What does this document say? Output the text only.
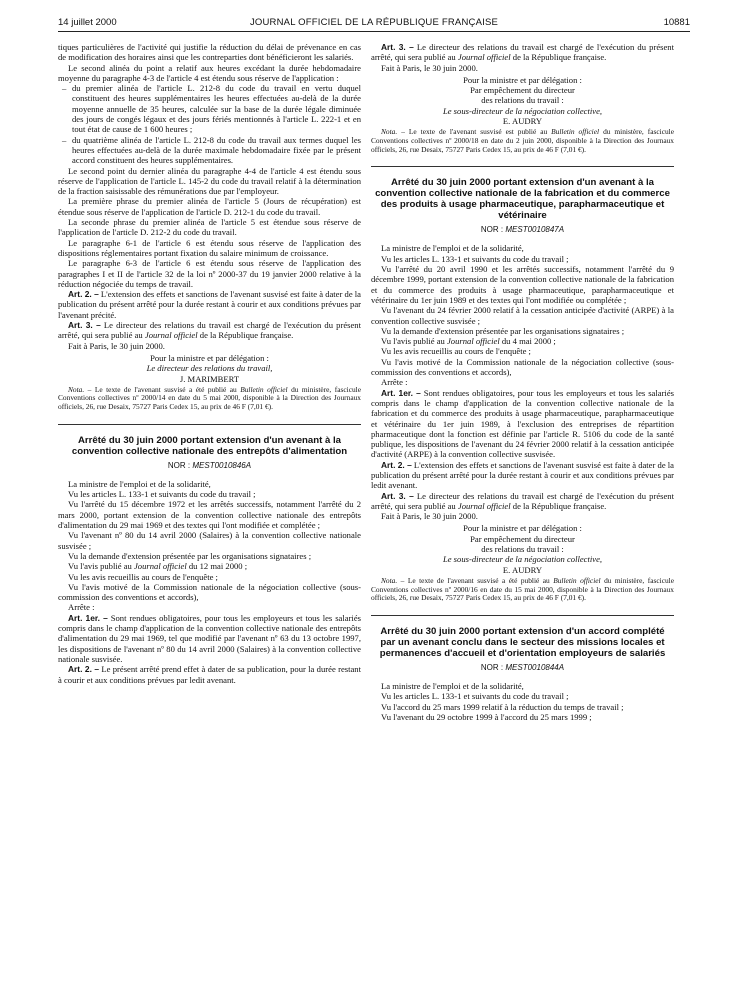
14 juillet 2000	JOURNAL OFFICIEL DE LA RÉPUBLIQUE FRANÇAISE	10881

tiques particulières de l'activité qui justifie la réduction du délai de prévenance en cas de modification des horaires ainsi que les contreparties dont bénéficieront les salariés.

Le second alinéa du point a relatif aux heures excédant la durée hebdomadaire moyenne du paragraphe 4-3 de l'article 4 est étendu sous réserve de l'application :

– du premier alinéa de l'article L. 212-8 du code du travail en vertu duquel constituent des heures supplémentaires les heures effectuées au-delà de la durée moyenne annuelle de 35 heures, calculée sur la base de la durée légale diminuée des jours de congés légaux et des jours fériés mentionnés à l'article L. 222-1 et en tout état de cause de 1 600 heures ;
– du quatrième alinéa de l'article L. 212-8 du code du travail aux termes duquel les heures effectuées au-delà de la durée maximale hebdomadaire fixée par le présent accord constituent des heures supplémentaires.

Le second point du dernier alinéa du paragraphe 4-4 de l'article 4 est étendu sous réserve de l'application de l'article L. 145-2 du code du travail relatif à la détermination de la fraction saisissable des rémunérations due par l'employeur.

La première phrase du premier alinéa de l'article 5 (Jours de récupération) est étendue sous réserve de l'application de l'article D. 212-1 du code du travail.

La seconde phrase du premier alinéa de l'article 5 est étendue sous réserve de l'application de l'article D. 212-2 du code du travail.

Le paragraphe 6-1 de l'article 6 est étendu sous réserve de l'application des dispositions réglementaires portant fixation du salaire minimum de croissance.

Le paragraphe 6-3 de l'article 6 est étendu sous réserve de l'application des paragraphes I et II de l'article 32 de la loi nº 2000-37 du 19 janvier 2000 relative à la réduction négociée du temps de travail.

Art. 2. – L'extension des effets et sanctions de l'avenant susvisé est faite à dater de la publication du présent arrêté pour la durée restant à courir et aux conditions prévues par l'avenant précité.

Art. 3. – Le directeur des relations du travail est chargé de l'exécution du présent arrêté, qui sera publié au Journal officiel de la République française.

Fait à Paris, le 30 juin 2000.

Pour la ministre et par délégation :
Le directeur des relations du travail,
J. MARIMBERT

Nota. – Le texte de l'avenant susvisé a été publié au Bulletin officiel du ministère, fascicule Conventions collectives nº 2000/14 en date du 5 mai 2000, disponible à la Direction des Journaux officiels, 26, rue Desaix, 75727 Paris Cedex 15, au prix de 46 F (7,01 €).

Arrêté du 30 juin 2000 portant extension d'un avenant à la convention collective nationale des entrepôts d'alimentation
NOR : MEST0010846A

La ministre de l'emploi et de la solidarité,

Vu les articles L. 133-1 et suivants du code du travail ;

Vu l'arrêté du 15 décembre 1972 et les arrêtés successifs, notamment l'arrêté du 2 mars 2000, portant extension de la convention collective nationale des entrepôts d'alimentation du 29 mai 1969 et des textes qui l'ont modifiée et complétée ;

Vu l'avenant nº 80 du 14 avril 2000 (Salaires) à la convention collective nationale susvisée ;

Vu la demande d'extension présentée par les organisations signataires ;

Vu l'avis publié au Journal officiel du 12 mai 2000 ;

Vu les avis recueillis au cours de l'enquête ;

Vu l'avis motivé de la Commission nationale de la négociation collective (sous-commission des conventions et accords),

Arrête :

Art. 1er. – Sont rendues obligatoires, pour tous les employeurs et tous les salariés compris dans le champ d'application de la convention collective nationale des entrepôts d'alimentation du 29 mai 1969, tel que modifié par l'avenant nº 63 du 13 octobre 1997, les dispositions de l'avenant nº 80 du 14 avril 2000 (Salaires) à la convention collective nationale susvisée.

Art. 2. – Le présent arrêté prend effet à dater de sa publication, pour la durée restant à courir et aux conditions prévues par ledit avenant.

Art. 3. – Le directeur des relations du travail est chargé de l'exécution du présent arrêté, qui sera publié au Journal officiel de la République française.

Fait à Paris, le 30 juin 2000.

Pour la ministre et par délégation :
Par empêchement du directeur
des relations du travail :
Le sous-directeur de la négociation collective,
E. AUDRY

Nota. – Le texte de l'avenant susvisé est publié au Bulletin officiel du ministère, fascicule Conventions collectives nº 2000/18 en date du 2 juin 2000, disponible à la Direction des Journaux officiels, 26, rue Desaix, 75727 Paris Cedex 15, au prix de 46 F (7,01 €).

Arrêté du 30 juin 2000 portant extension d'un avenant à la convention collective nationale de la fabrication et du commerce des produits à usage pharmaceutique, parapharmaceutique et vétérinaire
NOR : MEST0010847A

La ministre de l'emploi et de la solidarité,

Vu les articles L. 133-1 et suivants du code du travail ;

Vu l'arrêté du 20 avril 1990 et les arrêtés successifs, notamment l'arrêté du 9 décembre 1999, portant extension de la convention collective nationale de la fabrication et du commerce des produits à usage pharmaceutique, parapharmaceutique et vétérinaire du 1er juin 1989 et des textes qui l'ont modifiée ou complétée ;

Vu l'avenant du 24 février 2000 relatif à la cessation anticipée d'activité (ARPE) à la convention collective susvisée ;

Vu la demande d'extension présentée par les organisations signataires ;

Vu l'avis publié au Journal officiel du 4 mai 2000 ;

Vu les avis recueillis au cours de l'enquête ;

Vu l'avis motivé de la Commission nationale de la négociation collective (sous-commission des conventions et accords),

Arrête :

Art. 1er. – Sont rendues obligatoires, pour tous les employeurs et tous les salariés compris dans le champ d'application de la convention collective nationale de la fabrication et du commerce des produits à usage pharmaceutique, parapharmaceutique et vétérinaire du 1er juin 1989, à l'exclusion des entreprises de répartition pharmaceutique dont la fonction est définie par l'article R. 5106 du code de la santé publique, les dispositions de l'avenant du 24 février 2000 relatif à la cessation anticipée d'activité (ARPE) à la convention collective susvisée.

Art. 2. – L'extension des effets et sanctions de l'avenant susvisé est faite à dater de la publication du présent arrêté pour la durée restant à courir et aux conditions prévues par ledit avenant.

Art. 3. – Le directeur des relations du travail est chargé de l'exécution du présent arrêté, qui sera publié au Journal officiel de la République française.

Fait à Paris, le 30 juin 2000.

Pour la ministre et par délégation :
Par empêchement du directeur
des relations du travail :
Le sous-directeur de la négociation collective,
E. AUDRY

Nota. – Le texte de l'avenant susvisé a été publié au Bulletin officiel du ministère, fascicule Conventions collectives nº 2000/16 en date du 15 mai 2000, disponible à la Direction des Journaux officiels, 26, rue Desaix, 75727 Paris Cedex 15, au prix de 46 F (7,01 €).

Arrêté du 30 juin 2000 portant extension d'un accord complété par un avenant conclu dans le secteur des missions locales et permanences d'accueil et d'orientation employeurs de salariés
NOR : MEST0010844A

La ministre de l'emploi et de la solidarité,

Vu les articles L. 133-1 et suivants du code du travail ;

Vu l'accord du 25 mars 1999 relatif à la réduction du temps de travail ;

Vu l'avenant du 29 octobre 1999 à l'accord du 25 mars 1999 ;
